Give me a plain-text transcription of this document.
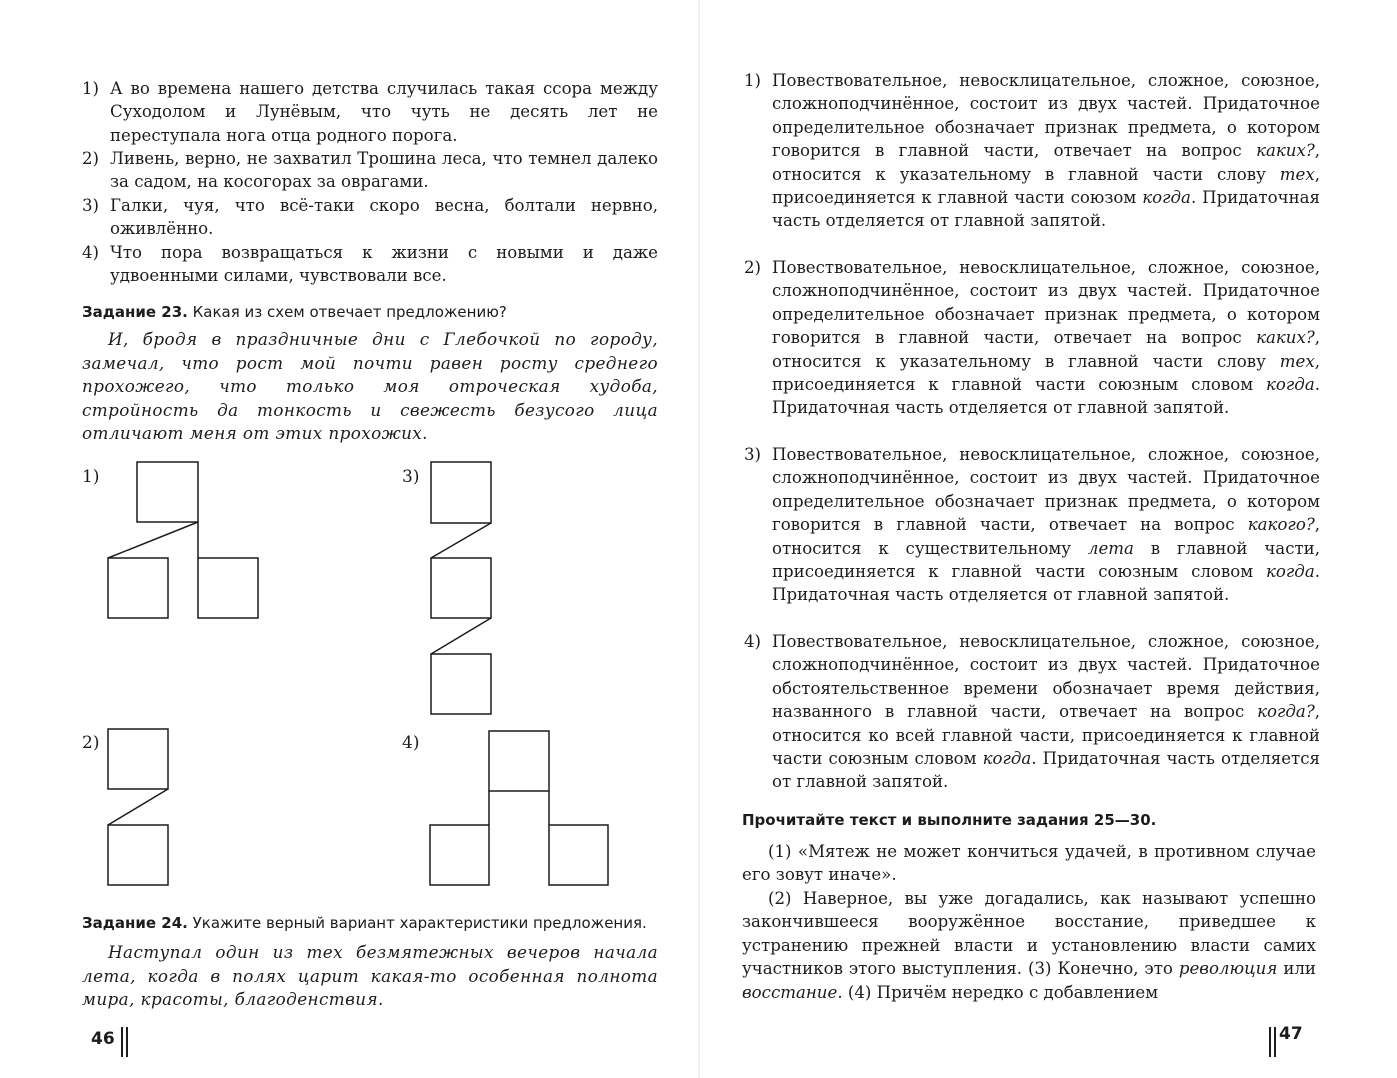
1) А во времена нашего детства случилась такая ссора между Суходолом и Лунёвым, что чуть не десять лет не переступала нога отца родного порога.
2) Ливень, верно, не захватил Трошина леса, что темнел далеко за садом, на косогорах за оврагами.
3) Галки, чуя, что всё-таки скоро весна, болтали нервно, оживлённо.
4) Что пора возвращаться к жизни с новыми и даже удвоенными силами, чувствовали все.
Задание 23. Какая из схем отвечает предложению?
И, бродя в праздничные дни с Глебочкой по городу, замечал, что рост мой почти равен росту среднего прохожего, что только моя отроческая худоба, стройность да тонкость и свежесть безусого лица отличают меня от этих прохожих.
1)
2)
3)
4)
Задание 24. Укажите верный вариант характеристики предложения.
Наступал один из тех безмятежных вечеров начала лета, когда в полях царит какая-то особенная полнота мира, красоты, благоденствия.
46
1) Повествовательное, невосклицательное, сложное, союзное, сложноподчинённое, состоит из двух частей. Придаточное определительное обозначает признак предмета, о котором говорится в главной части, отвечает на вопрос каких?, относится к указательному в главной части слову тех, присоединяется к главной части союзом когда. Придаточная часть отделяется от главной запятой.
2) Повествовательное, невосклицательное, сложное, союзное, сложноподчинённое, состоит из двух частей. Придаточное определительное обозначает признак предмета, о котором говорится в главной части, отвечает на вопрос каких?, относится к указательному в главной части слову тех, присоединяется к главной части союзным словом когда. Придаточная часть отделяется от главной запятой.
3) Повествовательное, невосклицательное, сложное, союзное, сложноподчинённое, состоит из двух частей. Придаточное определительное обозначает признак предмета, о котором говорится в главной части, отвечает на вопрос какого?, относится к существительному лета в главной части, присоединяется к главной части союзным словом когда. Придаточная часть отделяется от главной запятой.
4) Повествовательное, невосклицательное, сложное, союзное, сложноподчинённое, состоит из двух частей. Придаточное обстоятельственное времени обозначает время действия, названного в главной части, отвечает на вопрос когда?, относится ко всей главной части, присоединяется к главной части союзным словом когда. Придаточная часть отделяется от главной запятой.
Прочитайте текст и выполните задания 25—30.
(1) «Мятеж не может кончиться удачей, в противном случае его зовут иначе».
(2) Наверное, вы уже догадались, как называют успешно закончившееся вооружённое восстание, приведшее к устранению прежней власти и установлению власти самих участников этого выступления. (3) Конечно, это революция или восстание. (4) Причём нередко с добавлением
47
